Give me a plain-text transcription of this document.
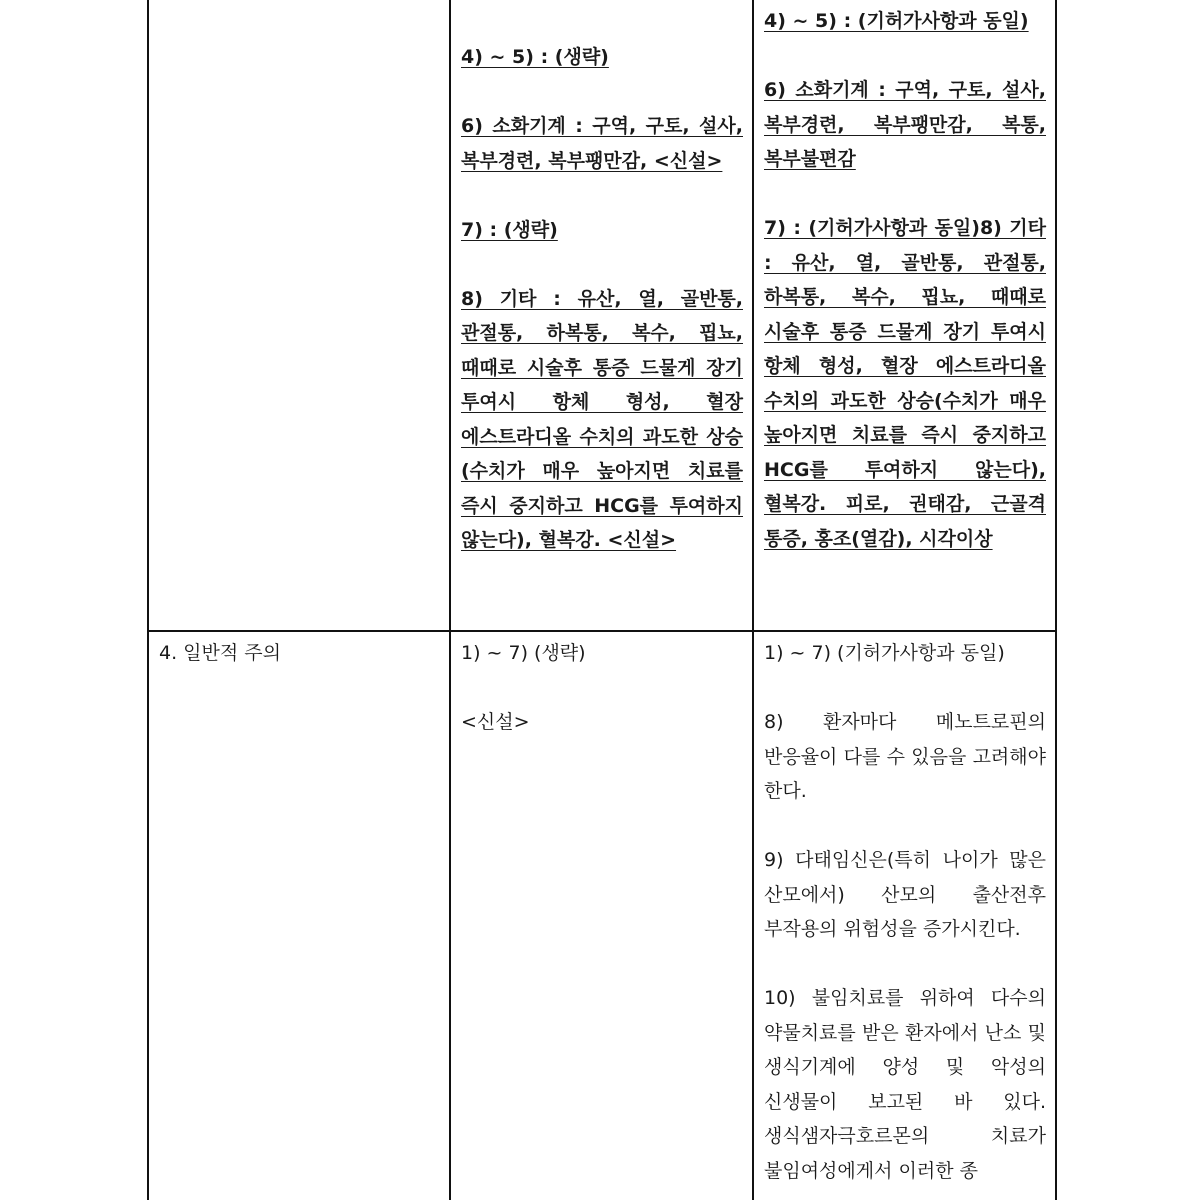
4) ~ 5) : (생략)

6) 소화기계 : 구역, 구토, 설사, 복부경련, 복부팽만감, <신설>

7) : (생략)

8) 기타 : 유산, 열, 골반통, 관절통, 하복통, 복수, 핍뇨, 때때로 시술후 통증 드물게 장기 투여시 항체 형성, 혈장 에스트라디올 수치의 과도한 상승(수치가 매우 높아지면 치료를 즉시 중지하고 HCG를 투여하지 않는다), 혈복강. <신설>

4) ~ 5) : (기허가사항과 동일)

6) 소화기계 : 구역, 구토, 설사, 복부경련, 복부팽만감, 복통, 복부불편감

7) : (기허가사항과 동일)8) 기타 : 유산, 열, 골반통, 관절통, 하복통, 복수, 핍뇨, 때때로 시술후 통증 드물게 장기 투여시 항체 형성, 혈장 에스트라디올 수치의 과도한 상승(수치가 매우 높아지면 치료를 즉시 중지하고 HCG를 투여하지 않는다), 혈복강. 피로, 권태감, 근골격 통증, 홍조(열감), 시각이상

4. 일반적 주의	1) ~ 7) (생략)

<신설>

1) ~ 7) (기허가사항과 동일)

8) 환자마다 메노트로핀의 반응율이 다를 수 있음을 고려해야 한다.

9) 다태임신은(특히 나이가 많은 산모에서) 산모의 출산전후 부작용의 위험성을 증가시킨다.

10) 불임치료를 위하여 다수의 약물치료를 받은 환자에서 난소 및 생식기계에 양성 및 악성의 신생물이 보고된 바 있다. 생식샘자극호르몬의 치료가 불임여성에게서 이러한 종
